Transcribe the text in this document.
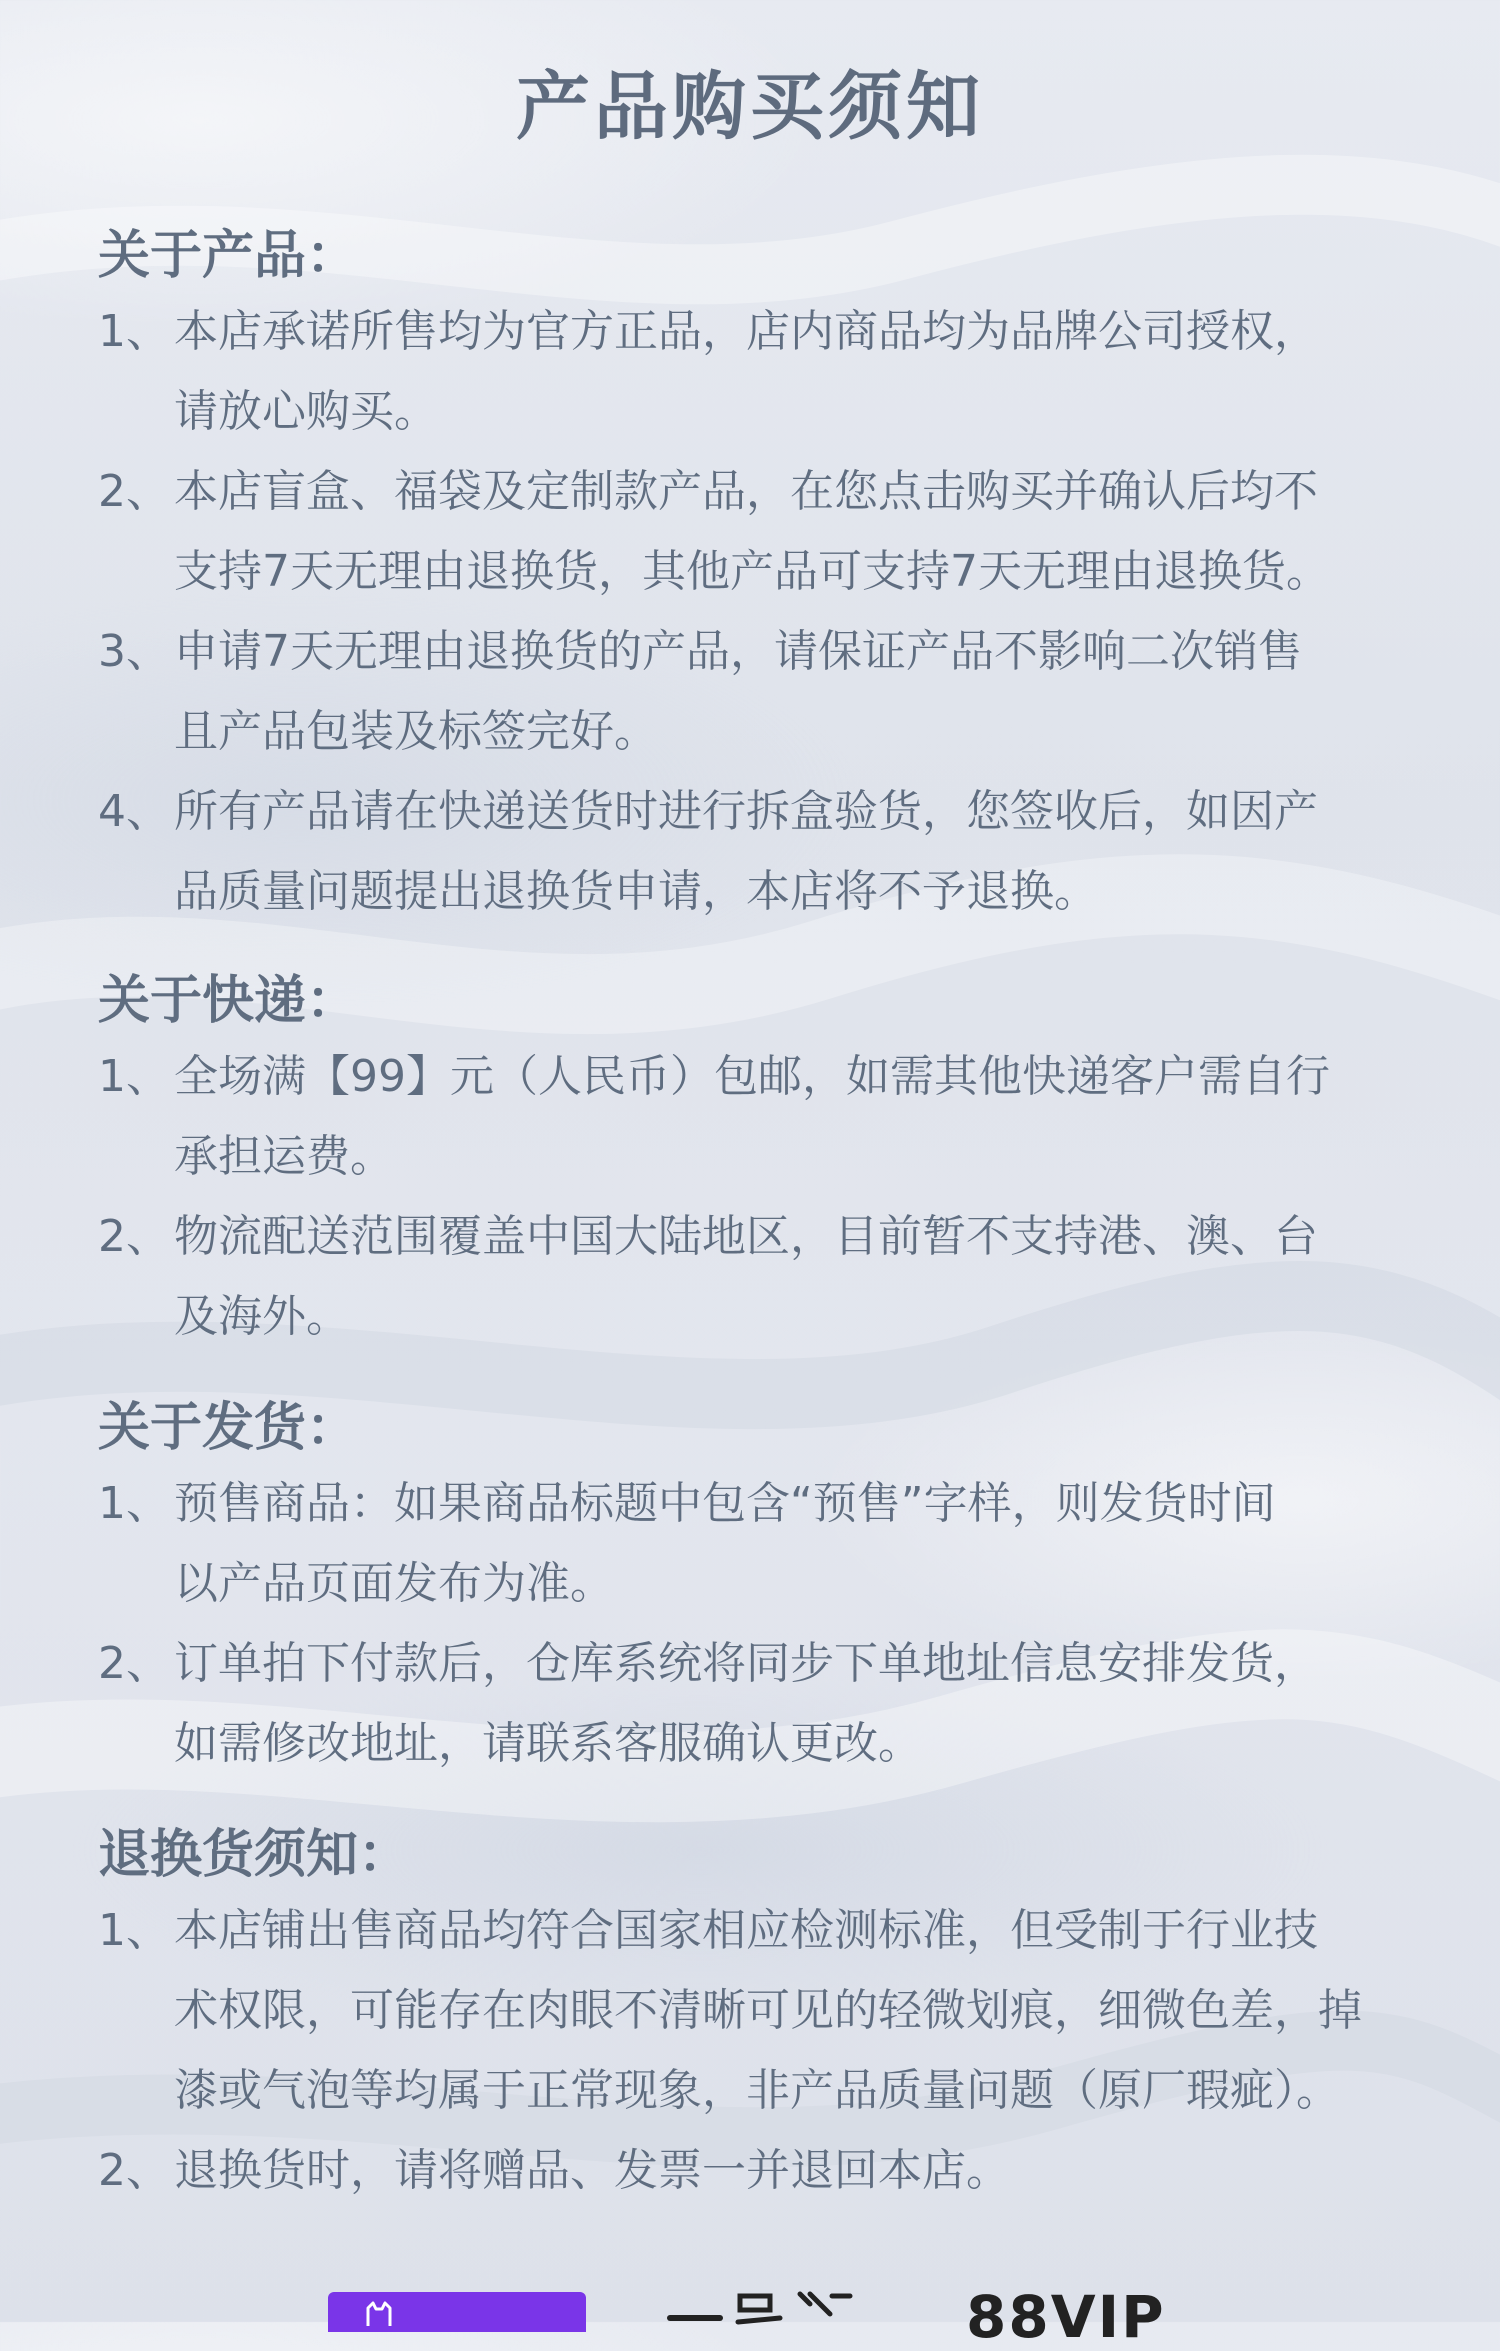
产品购买须知
关于产品：
1、 本店承诺所售均为官方正品，店内商品均为品牌公司授权，
请放心购买。
2、 本店盲盒、福袋及定制款产品，在您点击购买并确认后均不
支持7天无理由退换货，其他产品可支持7天无理由退换货。
3、 申请7天无理由退换货的产品，请保证产品不影响二次销售
且产品包装及标签完好。
4、 所有产品请在快递送货时进行拆盒验货，您签收后，如因产
品质量问题提出退换货申请，本店将不予退换。
关于快递：
1、 全场满【99】元（人民币）包邮，如需其他快递客户需自行
承担运费。
2、 物流配送范围覆盖中国大陆地区，目前暂不支持港、澳、台
及海外。
关于发货：
1、 预售商品：如果商品标题中包含“预售”字样，则发货时间
以产品页面发布为准。
2、 订单拍下付款后，仓库系统将同步下单地址信息安排发货，
如需修改地址，请联系客服确认更改。
退换货须知：
1、 本店铺出售商品均符合国家相应检测标准，但受制于行业技
术权限，可能存在肉眼不清晰可见的轻微划痕，细微色差，掉
漆或气泡等均属于正常现象，非产品质量问题（原厂瑕疵）。
2、 退换货时，请将赠品、发票一并退回本店。
88VIP
